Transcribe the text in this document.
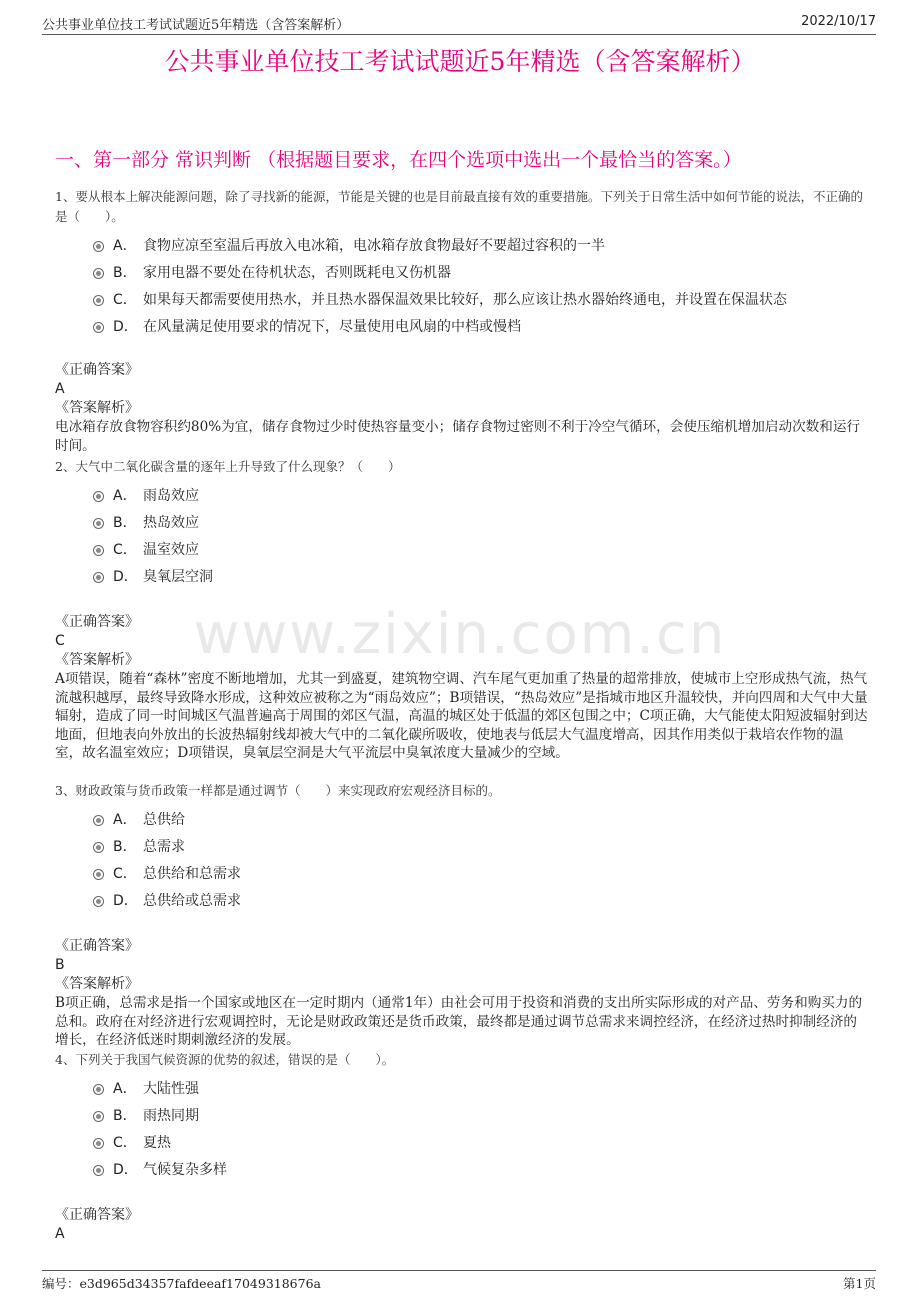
公共事业单位技工考试试题近5年精选（含答案解析）	2022/10/17
公共事业单位技工考试试题近5年精选（含答案解析）
一、第一部分 常识判断 （根据题目要求，在四个选项中选出一个最恰当的答案。）
www.zixin.com.cn

1、要从根本上解决能源问题，除了寻找新的能源，节能是关键的也是目前最直接有效的重要措施。下列关于日常生活中如何节能的说法，不正确的是（　　）。

A． 食物应凉至室温后再放入电冰箱，电冰箱存放食物最好不要超过容积的一半
B． 家用电器不要处在待机状态，否则既耗电又伤机器
C． 如果每天都需要使用热水，并且热水器保温效果比较好，那么应该让热水器始终通电，并设置在保温状态
D． 在风量满足使用要求的情况下，尽量使用电风扇的中档或慢档

《正确答案》

A

《答案解析》

电冰箱存放食物容积约80%为宜，储存食物过少时使热容量变小；储存食物过密则不利于冷空气循环，会使压缩机增加启动次数和运行时间。

2、大气中二氧化碳含量的逐年上升导致了什么现象？（　　）

A． 雨岛效应
B． 热岛效应
C． 温室效应
D． 臭氧层空洞

《正确答案》

C

《答案解析》

A项错误，随着“森林”密度不断地增加，尤其一到盛夏，建筑物空调、汽车尾气更加重了热量的超常排放，使城市上空形成热气流，热气流越积越厚，最终导致降水形成，这种效应被称之为“雨岛效应”；B项错误，“热岛效应”是指城市地区升温较快，并向四周和大气中大量辐射，造成了同一时间城区气温普遍高于周围的郊区气温，高温的城区处于低温的郊区包围之中；C项正确，大气能使太阳短波辐射到达地面，但地表向外放出的长波热辐射线却被大气中的二氧化碳所吸收，使地表与低层大气温度增高，因其作用类似于栽培农作物的温室，故名温室效应；D项错误，臭氧层空洞是大气平流层中臭氧浓度大量减少的空域。

3、财政政策与货币政策一样都是通过调节（　　）来实现政府宏观经济目标的。

A． 总供给
B． 总需求
C． 总供给和总需求
D． 总供给或总需求

《正确答案》

B

《答案解析》

B项正确，总需求是指一个国家或地区在一定时期内（通常1年）由社会可用于投资和消费的支出所实际形成的对产品、劳务和购买力的总和。政府在对经济进行宏观调控时，无论是财政政策还是货币政策，最终都是通过调节总需求来调控经济，在经济过热时抑制经济的增长，在经济低迷时期刺激经济的发展。

4、下列关于我国气候资源的优势的叙述，错误的是（　　）。

A． 大陆性强
B． 雨热同期
C． 夏热
D． 气候复杂多样

《正确答案》

A

编号：e3d965d34357fafdeeaf17049318676a	第1页
